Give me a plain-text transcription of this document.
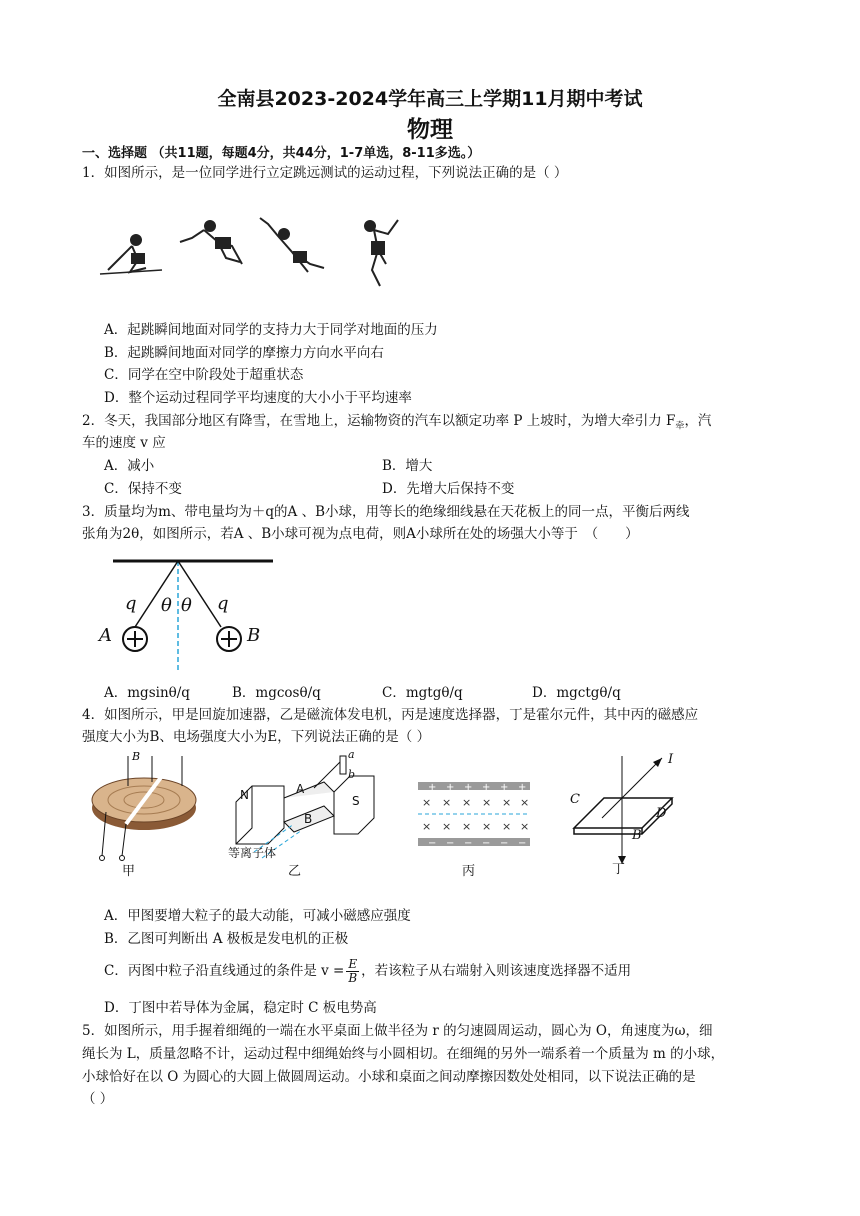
全南县2023-2024学年高三上学期11月期中考试
物理
一、选择题 （共11题，每题4分，共44分，1-7单选，8-11多选。）
1．如图所示，是一位同学进行立定跳远测试的运动过程，下列说法正确的是（ ）
A．起跳瞬间地面对同学的支持力大于同学对地面的压力
B．起跳瞬间地面对同学的摩擦力方向水平向右
C．同学在空中阶段处于超重状态
D．整个运动过程同学平均速度的大小小于平均速率
2．冬天，我国部分地区有降雪，在雪地上，运输物资的汽车以额定功率 P 上坡时，为增大牵引力 $F_牵$，汽
车的速度 v 应
A．减小	B．增大
C．保持不变	D．先增大后保持不变
3．质量均为m、带电量均为＋q的A 、B小球，用等长的绝缘细线悬在天花板上的同一点，平衡后两线
张角为2θ，如图所示，若A 、B小球可视为点电荷，则A小球所在处的场强大小等于　（　　）
q	q
θ θ
A	B
A．mgsinθ/q	B．mgcosθ/q	C．mgtgθ/q	D．mgctgθ/q
4．如图所示，甲是回旋加速器，乙是磁流体发电机，丙是速度选择器，丁是霍尔元件，其中丙的磁感应
强度大小为B、电场强度大小为E，下列说法正确的是（ ）
B
甲
N	S
A
B
a
b
等离子体
乙
+ + + + + +
− − − − − −
× × × × × ×
× × × × × ×
丙
I
C
D
B
丁
A．甲图要增大粒子的最大动能，可减小磁感应强度
B．乙图可判断出 A 极板是发电机的正极
C．丙图中粒子沿直线通过的条件是 $v = \frac{E}{B}$ ，若该粒子从右端射入则该速度选择器不适用
D．丁图中若导体为金属，稳定时 C 板电势高
5．如图所示，用手握着细绳的一端在水平桌面上做半径为 r 的匀速圆周运动，圆心为 O，角速度为ω，细
绳长为 L，质量忽略不计，运动过程中细绳始终与小圆相切。在细绳的另外一端系着一个质量为 m 的小球，
小球恰好在以 O 为圆心的大圆上做圆周运动。小球和桌面之间动摩擦因数处处相同，以下说法正确的是
（ ）
